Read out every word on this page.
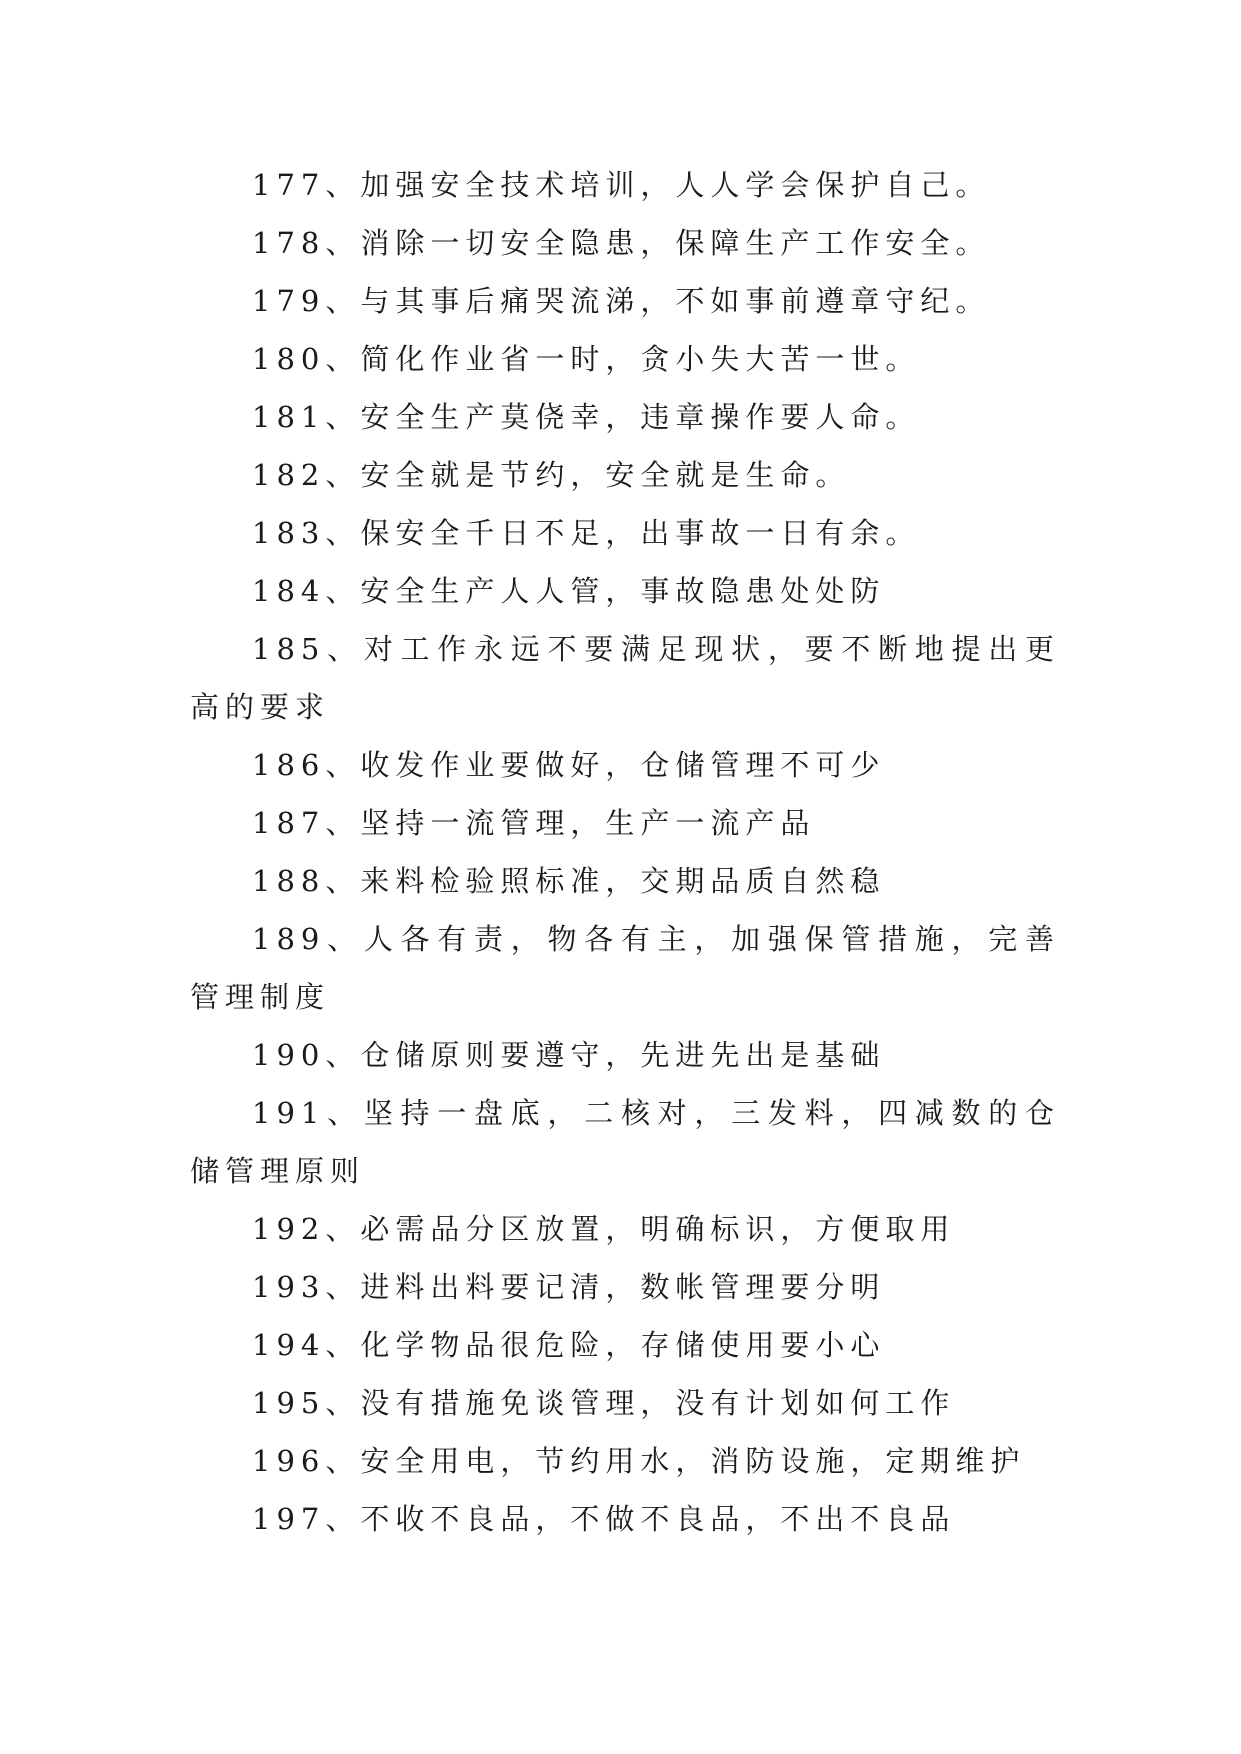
177、加强安全技术培训，人人学会保护自己。

178、消除一切安全隐患，保障生产工作安全。

179、与其事后痛哭流涕，不如事前遵章守纪。

180、简化作业省一时，贪小失大苦一世。

181、安全生产莫侥幸，违章操作要人命。

182、安全就是节约，安全就是生命。

183、保安全千日不足，出事故一日有余。

184、安全生产人人管，事故隐患处处防

185、对工作永远不要满足现状，要不断地提出更高的要求

186、收发作业要做好，仓储管理不可少

187、坚持一流管理，生产一流产品

188、来料检验照标准，交期品质自然稳

189、人各有责，物各有主，加强保管措施，完善管理制度

190、仓储原则要遵守，先进先出是基础

191、坚持一盘底，二核对，三发料，四减数的仓储管理原则

192、必需品分区放置，明确标识，方便取用

193、进料出料要记清，数帐管理要分明

194、化学物品很危险，存储使用要小心

195、没有措施免谈管理，没有计划如何工作

196、安全用电，节约用水，消防设施，定期维护

197、不收不良品，不做不良品，不出不良品
